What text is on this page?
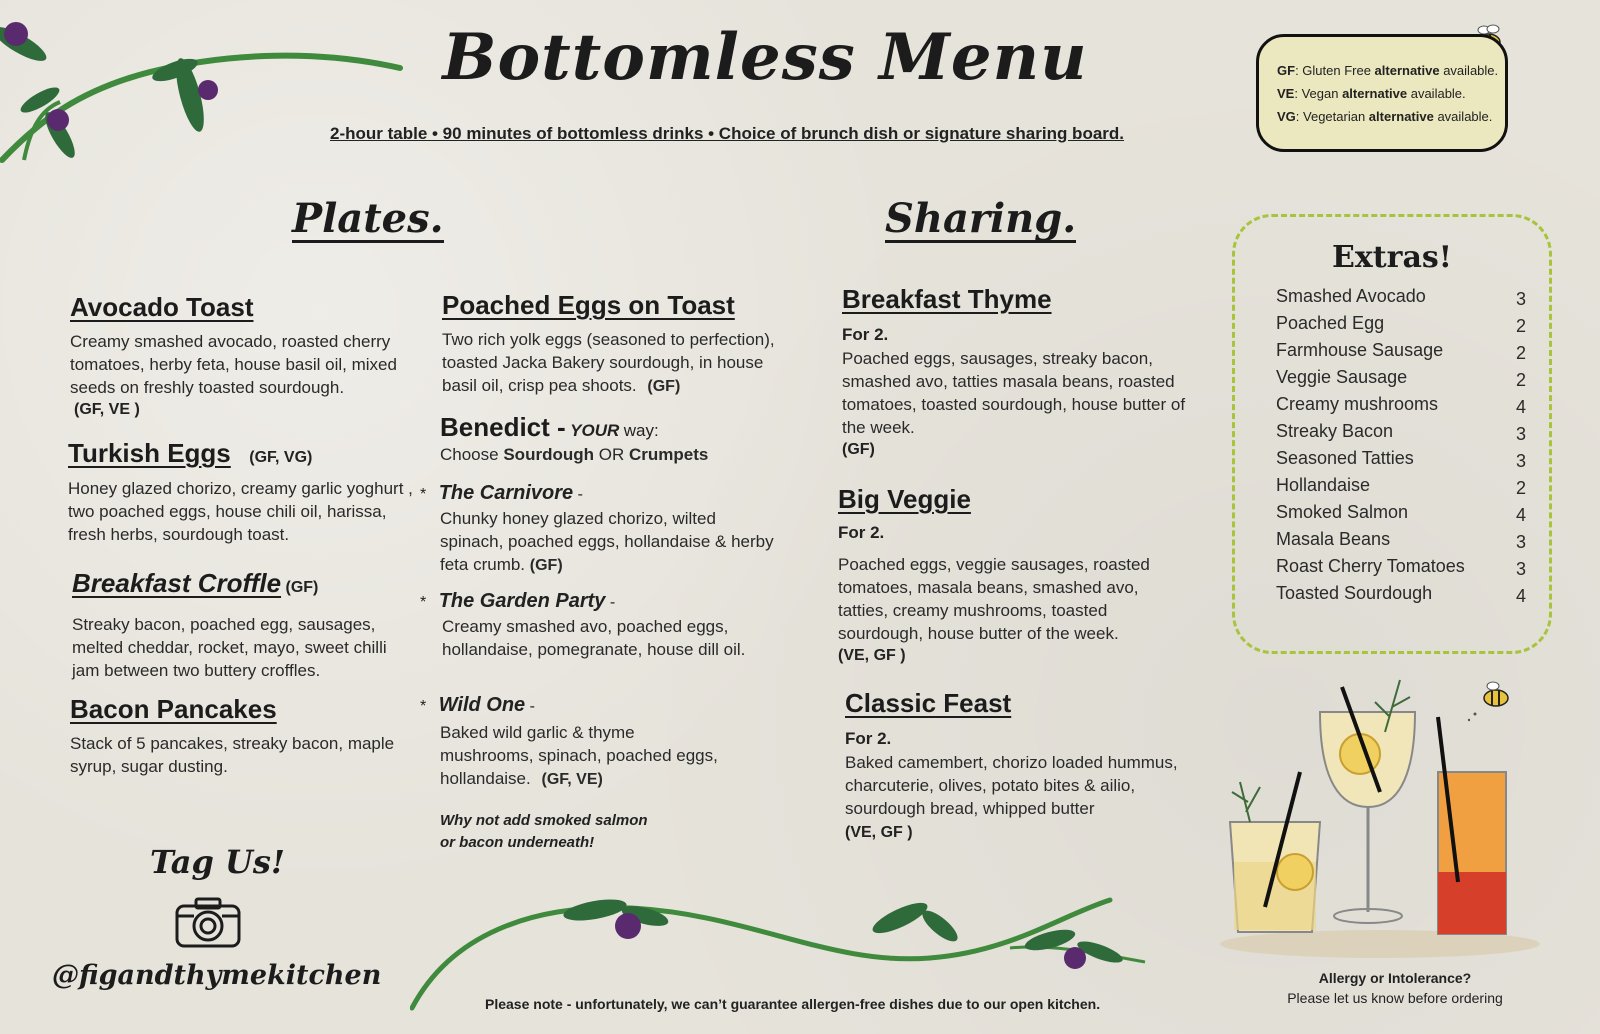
Bottomless Menu
2-hour table • 90 minutes of bottomless drinks • Choice of brunch dish or signature sharing board.
GF: Gluten Free alternative available.
VE: Vegan alternative available.
VG: Vegetarian alternative available.
Plates.
Avocado Toast
Creamy smashed avocado, roasted cherry tomatoes, herby feta, house basil oil, mixed seeds on freshly toasted sourdough.
(GF, VE )
Turkish Eggs (GF, VG)
Honey glazed chorizo, creamy garlic yoghurt , two poached eggs, house chili oil, harissa, fresh herbs, sourdough toast.
Breakfast Croffle (GF)
Streaky bacon, poached egg, sausages, melted cheddar, rocket, mayo, sweet chilli jam between two buttery croffles.
Bacon Pancakes
Stack of 5 pancakes, streaky bacon, maple syrup, sugar dusting.
Poached Eggs on Toast
Two rich yolk eggs (seasoned to perfection), toasted Jacka Bakery sourdough, in house basil oil, crisp pea shoots. (GF)
Benedict - YOUR way:
Choose Sourdough OR Crumpets
* The Carnivore -
Chunky honey glazed chorizo, wilted spinach, poached eggs, hollandaise & herby feta crumb. (GF)
* The Garden Party -
Creamy smashed avo, poached eggs, hollandaise, pomegranate, house dill oil.
* Wild One -
Baked wild garlic & thyme mushrooms, spinach, poached eggs, hollandaise. (GF, VE)
Why not add smoked salmon
or bacon underneath!
Sharing.
Breakfast Thyme
For 2.
Poached eggs, sausages, streaky bacon, smashed avo, tatties masala beans, roasted tomatoes, toasted sourdough, house butter of the week.
(GF)
Big Veggie
For 2.
Poached eggs, veggie sausages, roasted tomatoes, masala beans, smashed avo, tatties, creamy mushrooms, toasted sourdough, house butter of the week.
(VE, GF )
Classic Feast
For 2.
Baked camembert, chorizo loaded hummus, charcuterie, olives, potato bites & ailio, sourdough bread, whipped butter
(VE, GF )
Extras!
Smashed Avocado	3
Poached Egg	2
Farmhouse Sausage	2
Veggie Sausage	2
Creamy mushrooms	4
Streaky Bacon	3
Seasoned Tatties	3
Hollandaise	2
Smoked Salmon	4
Masala Beans	3
Roast Cherry Tomatoes	3
Toasted Sourdough	4
Tag Us!
@figandthymekitchen
Please note - unfortunately, we can’t guarantee allergen-free dishes due to our open kitchen.
Allergy or Intolerance?
Please let us know before ordering
